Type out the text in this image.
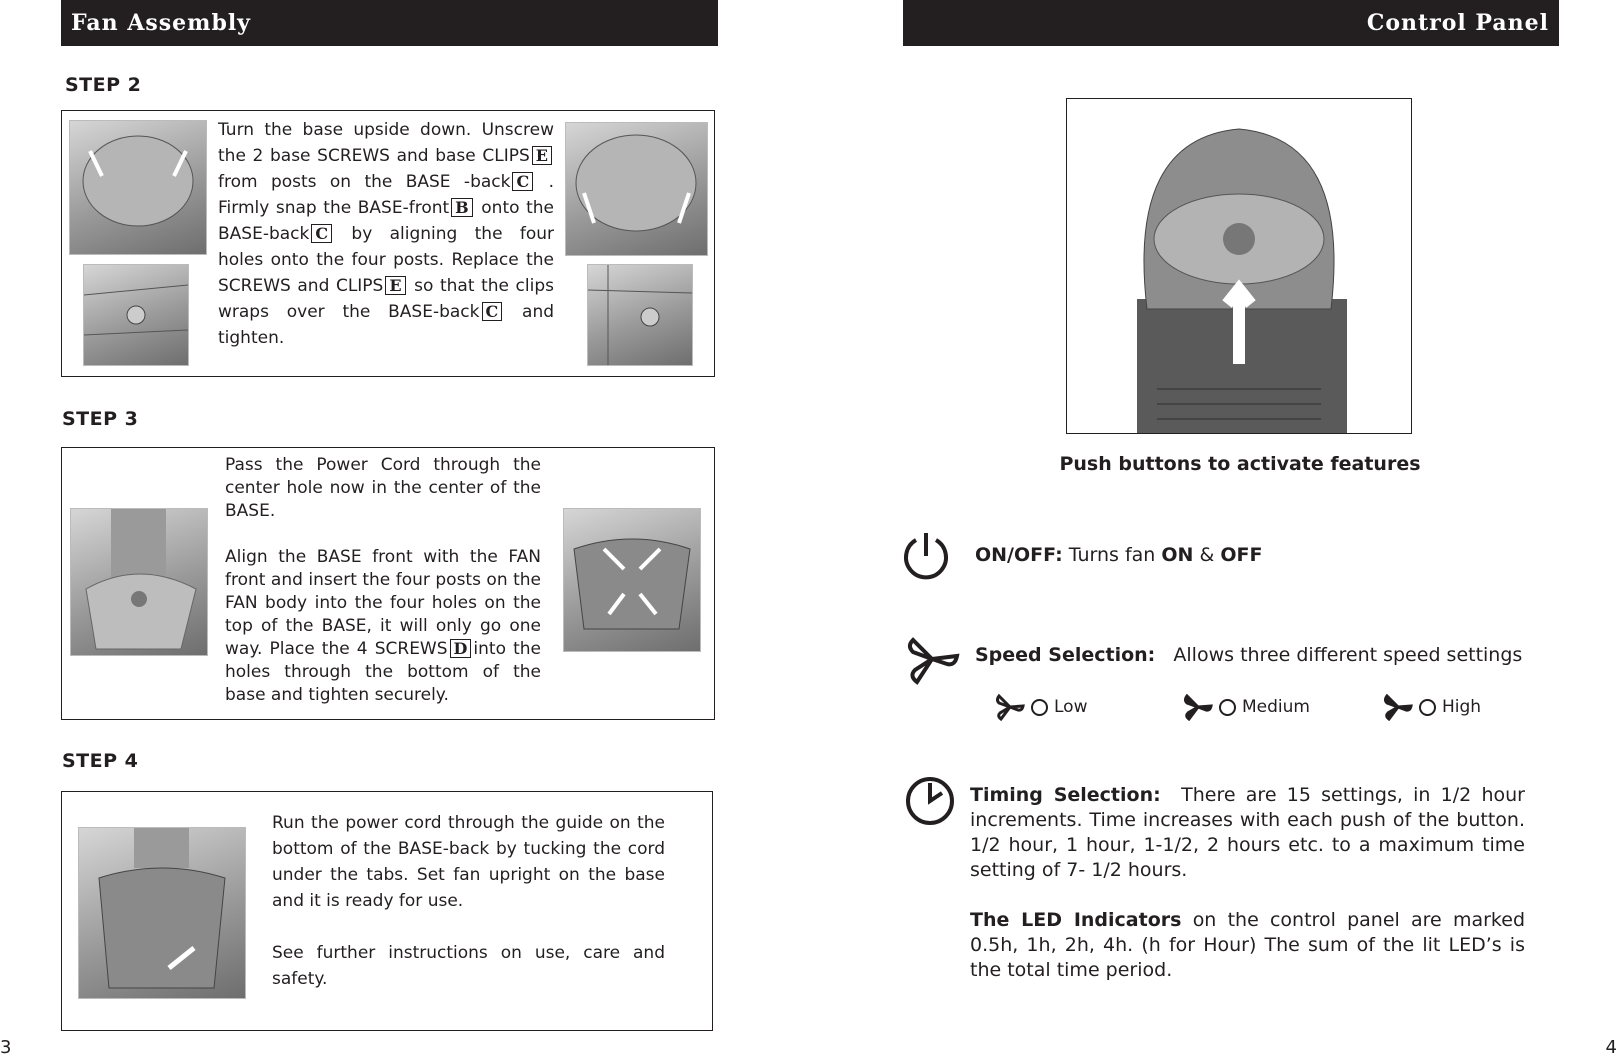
Fan Assembly
STEP 2
Turn the base upside down. Unscrew the 2 base SCREWS and base CLIPS E from posts on the BASE -back C . Firmly snap the BASE-front B onto the BASE-back C by aligning the four holes onto the four posts. Replace the SCREWS and CLIPS E so that the clips wraps over the BASE-back C and tighten.
STEP 3
Pass the Power Cord through the center hole now in the center of the BASE.
Align the BASE front with the FAN front and insert the four posts on the FAN body into the four holes on the top of the BASE, it will only go one way. Place the 4 SCREWS D into the holes through the bottom of the base and tighten securely.
STEP 4
Run the power cord through the guide on the bottom of the BASE-back by tucking the cord under the tabs. Set fan upright on the base and it is ready for use.
See further instructions on use, care and safety.
3
Control Panel
Push buttons to activate features
ON/OFF: Turns fan ON & OFF
Speed Selection: Allows three different speed settings
Low	Medium	High
Timing Selection: There are 15 settings, in 1/2 hour increments. Time increases with each push of the button. 1/2 hour, 1 hour, 1-1/2, 2 hours etc. to a maximum time setting of 7- 1/2 hours.
The LED Indicators on the control panel are marked 0.5h, 1h, 2h, 4h. (h for Hour) The sum of the lit LED’s is the total time period.
4
